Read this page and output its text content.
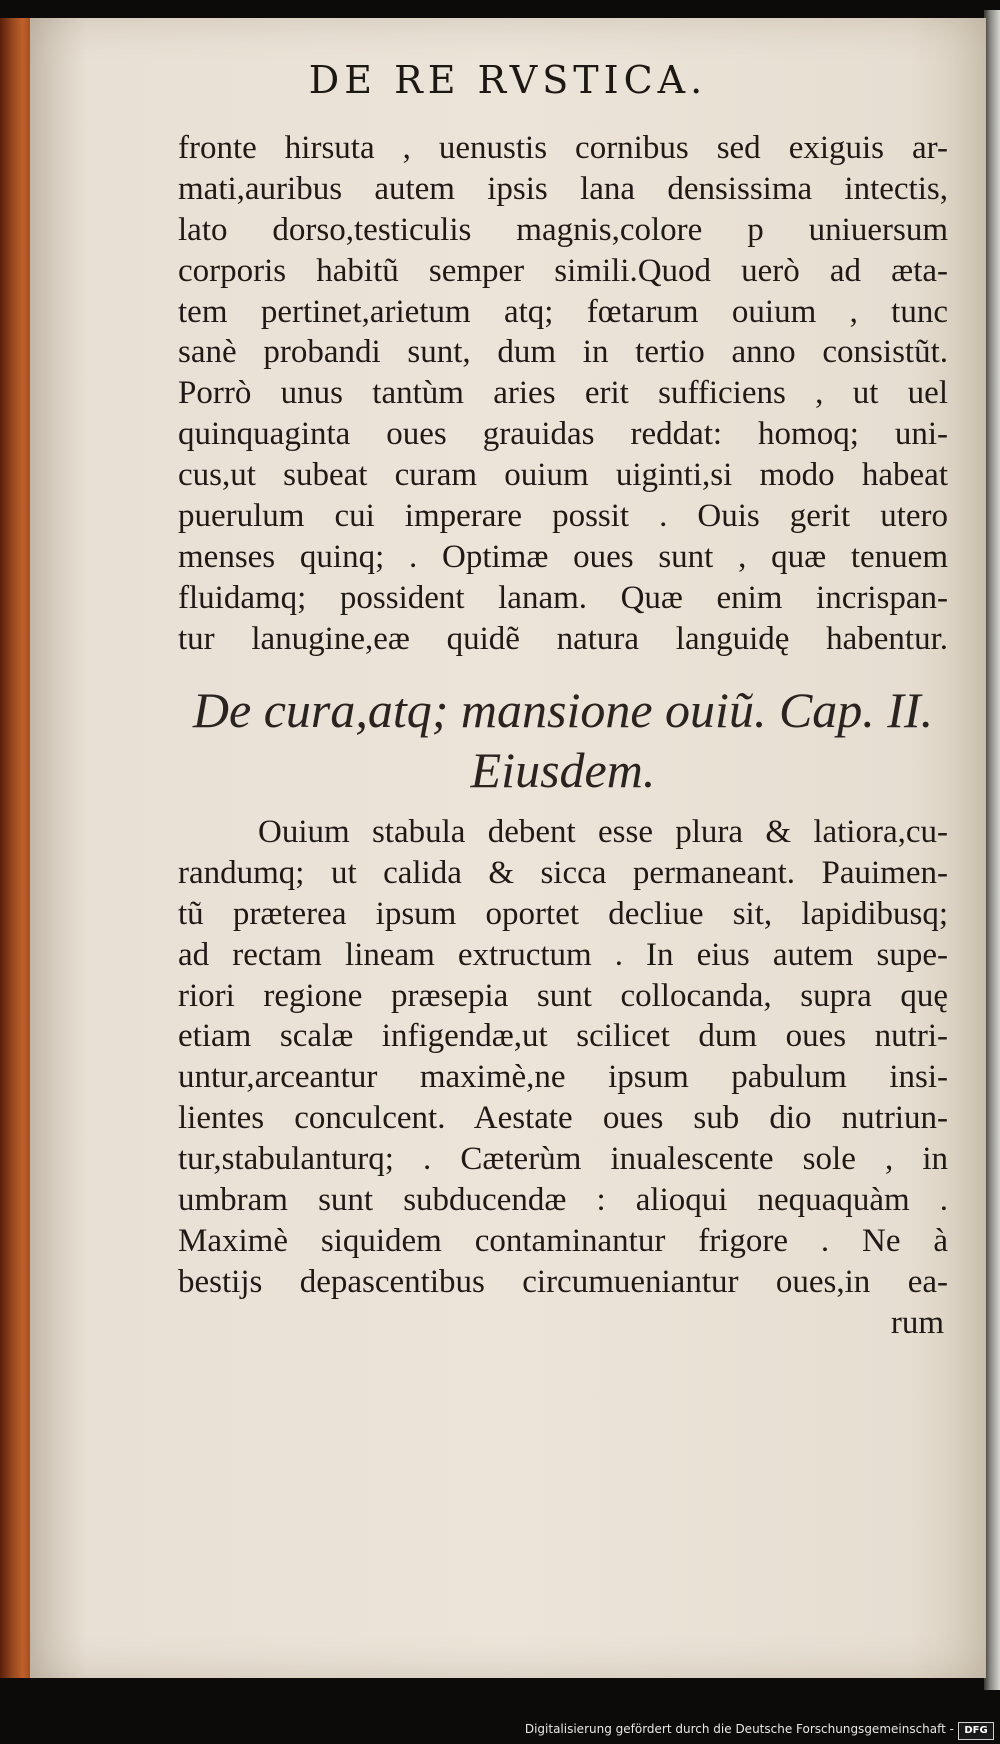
DE RE RVSTICA.
fronte hirsuta , uenustis cornibus sed exiguis ar-
mati,auribus autem ipsis lana densissima intectis,
lato dorso,testiculis magnis,colore p uniuersum
corporis habitũ semper simili.Quod uerò ad æta-
tem pertinet,arietum atq; fœtarum ouium , tunc
sanè probandi sunt, dum in tertio anno consistũt.
Porrò unus tantùm aries erit sufficiens , ut uel
quinquaginta oues grauidas reddat: homoq; uni-
cus,ut subeat curam ouium uiginti,si modo habeat
puerulum cui imperare possit . Ouis gerit utero
menses quinq; . Optimæ oues sunt , quæ tenuem
fluidamq; possident lanam. Quæ enim incrispan-
tur lanugine,eæ quidẽ natura languidę habentur.
De cura,atq; mansione ouiũ. Cap. II.
Eiusdem.
Ouium stabula debent esse plura & latiora,cu-
randumq; ut calida & sicca permaneant. Pauimen-
tũ præterea ipsum oportet decliue sit, lapidibusq;
ad rectam lineam extructum . In eius autem supe-
riori regione præsepia sunt collocanda, supra quę
etiam scalæ infigendæ,ut scilicet dum oues nutri-
untur,arceantur maximè,ne ipsum pabulum insi-
lientes conculcent. Aestate oues sub dio nutriun-
tur,stabulanturq; . Cæterùm inualescente sole , in
umbram sunt subducendæ : alioqui nequaquàm .
Maximè siquidem contaminantur frigore . Ne à
bestijs depascentibus circumueniantur oues,in ea-
rum
Digitalisierung gefördert durch die Deutsche Forschungsgemeinschaft -	DFG
